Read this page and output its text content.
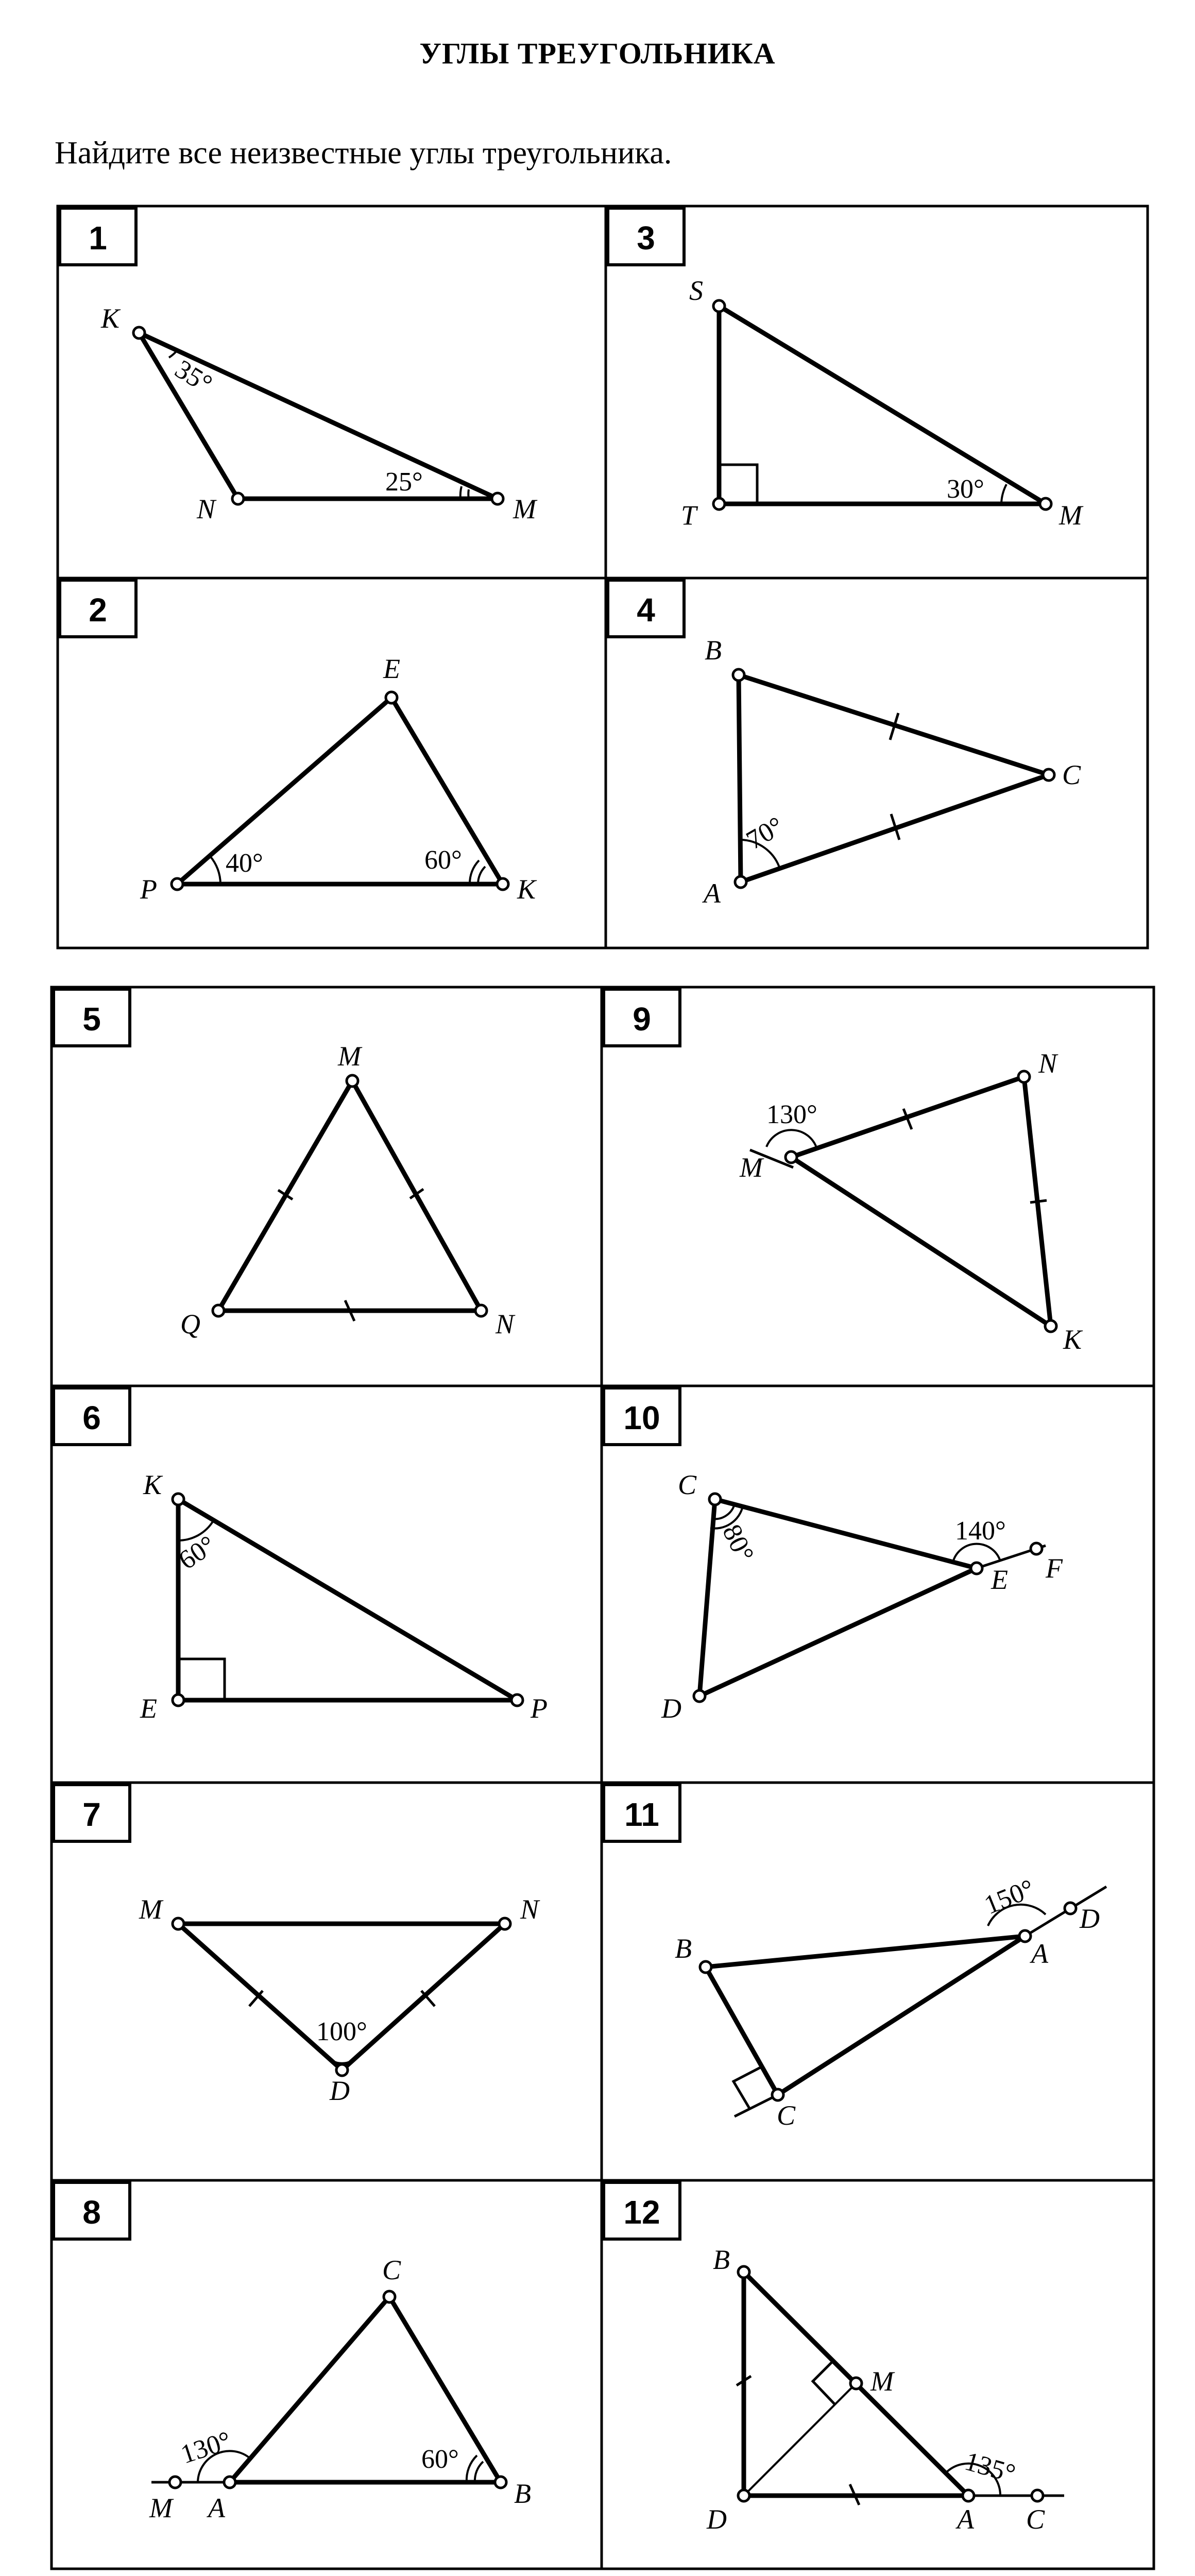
УГЛЫ ТРЕУГОЛЬНИКА
Найдите все неизвестные углы треугольника.
1
K
N	M
35°
25°
3
S
T	M
30°
2
E
P	K
40°	60°
4
B
C
A
70°
5
M
Q	N
9
N
M
K
130°
6
K
E	P
60°
10
C
E F
D
80°	140°
7
M	N
D
100°
11
B	A
D
C
150°
8
C
M A	B
130°	60°
12
B
M
D	A C
135°
